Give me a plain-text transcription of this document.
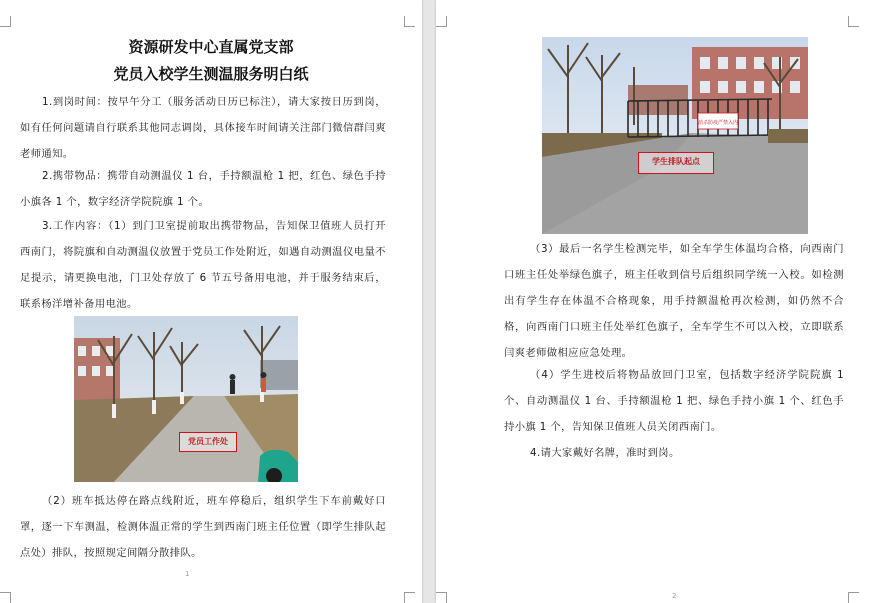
资源研发中心直属党支部
党员入校学生测温服务明白纸

1.到岗时间：按早午分工（服务活动日历已标注），请大家按日历到岗，如有任何问题请自行联系其他同志调岗，具体接车时间请关注部门微信群闫爽老师通知。

2.携带物品：携带自动测温仪 1 台，手持额温枪 1 把，红色、绿色手持小旗各 1 个，数字经济学院院旗 1 个。

3.工作内容：（1）到门卫室提前取出携带物品，告知保卫值班人员打开西南门，将院旗和自动测温仪放置于党员工作处附近，如遇自动测温仪电量不足提示，请更换电池，门卫处存放了 6 节五号备用电池，并于服务结束后，联系杨洋增补备用电池。

党员工作处

（2）班车抵达停在路点线附近，班车停稳后，组织学生下车前戴好口罩，逐一下车测温，检测体温正常的学生到西南门班主任位置（即学生排队起点处）排队，按照规定间隔分散排队。

1
消杀防疫严禁入内
学生排队起点

（3）最后一名学生检测完毕，如全车学生体温均合格，向西南门口班主任处举绿色旗子，班主任收到信号后组织同学统一入校。如检测出有学生存在体温不合格现象，用手持额温枪再次检测，如仍然不合格，向西南门口班主任处举红色旗子，全车学生不可以入校，立即联系闫爽老师做相应应急处理。

（4）学生进校后将物品放回门卫室，包括数字经济学院院旗 1 个、自动测温仪 1 台、手持额温枪 1 把、绿色手持小旗 1 个、红色手持小旗 1 个，告知保卫值班人员关闭西南门。

4.请大家戴好名牌，准时到岗。

2
